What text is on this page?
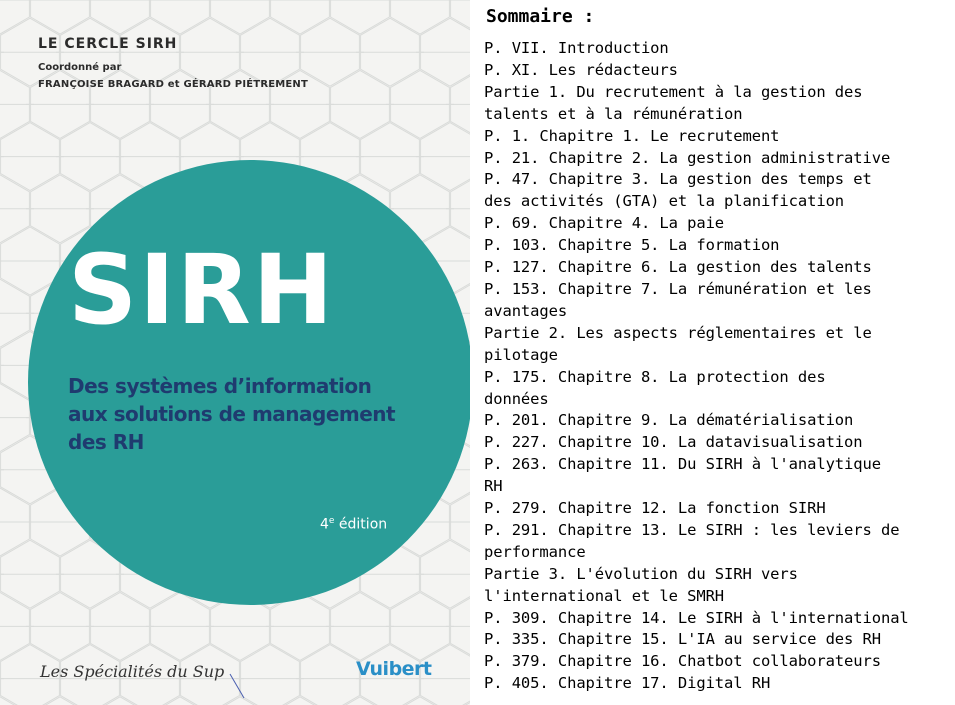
LE CERCLE SIRH
Coordonné par
FRANÇOISE BRAGARD et GÉRARD PIÉTREMENT
SIRH
Des systèmes d’information
aux solutions de management
des RH
4e édition
Les Spécialités du Sup	Vuibert
Sommaire :
P. VII. Introduction
P. XI. Les rédacteurs
Partie 1. Du recrutement à la gestion des
talents et à la rémunération
P. 1. Chapitre 1. Le recrutement
P. 21. Chapitre 2. La gestion administrative
P. 47. Chapitre 3. La gestion des temps et
des activités (GTA) et la planification
P. 69. Chapitre 4. La paie
P. 103. Chapitre 5. La formation
P. 127. Chapitre 6. La gestion des talents
P. 153. Chapitre 7. La rémunération et les
avantages
Partie 2. Les aspects réglementaires et le
pilotage
P. 175. Chapitre 8. La protection des
données
P. 201. Chapitre 9. La dématérialisation
P. 227. Chapitre 10. La datavisualisation
P. 263. Chapitre 11. Du SIRH à l'analytique
RH
P. 279. Chapitre 12. La fonction SIRH
P. 291. Chapitre 13. Le SIRH : les leviers de
performance
Partie 3. L'évolution du SIRH vers
l'international et le SMRH
P. 309. Chapitre 14. Le SIRH à l'international
P. 335. Chapitre 15. L'IA au service des RH
P. 379. Chapitre 16. Chatbot collaborateurs
P. 405. Chapitre 17. Digital RH
